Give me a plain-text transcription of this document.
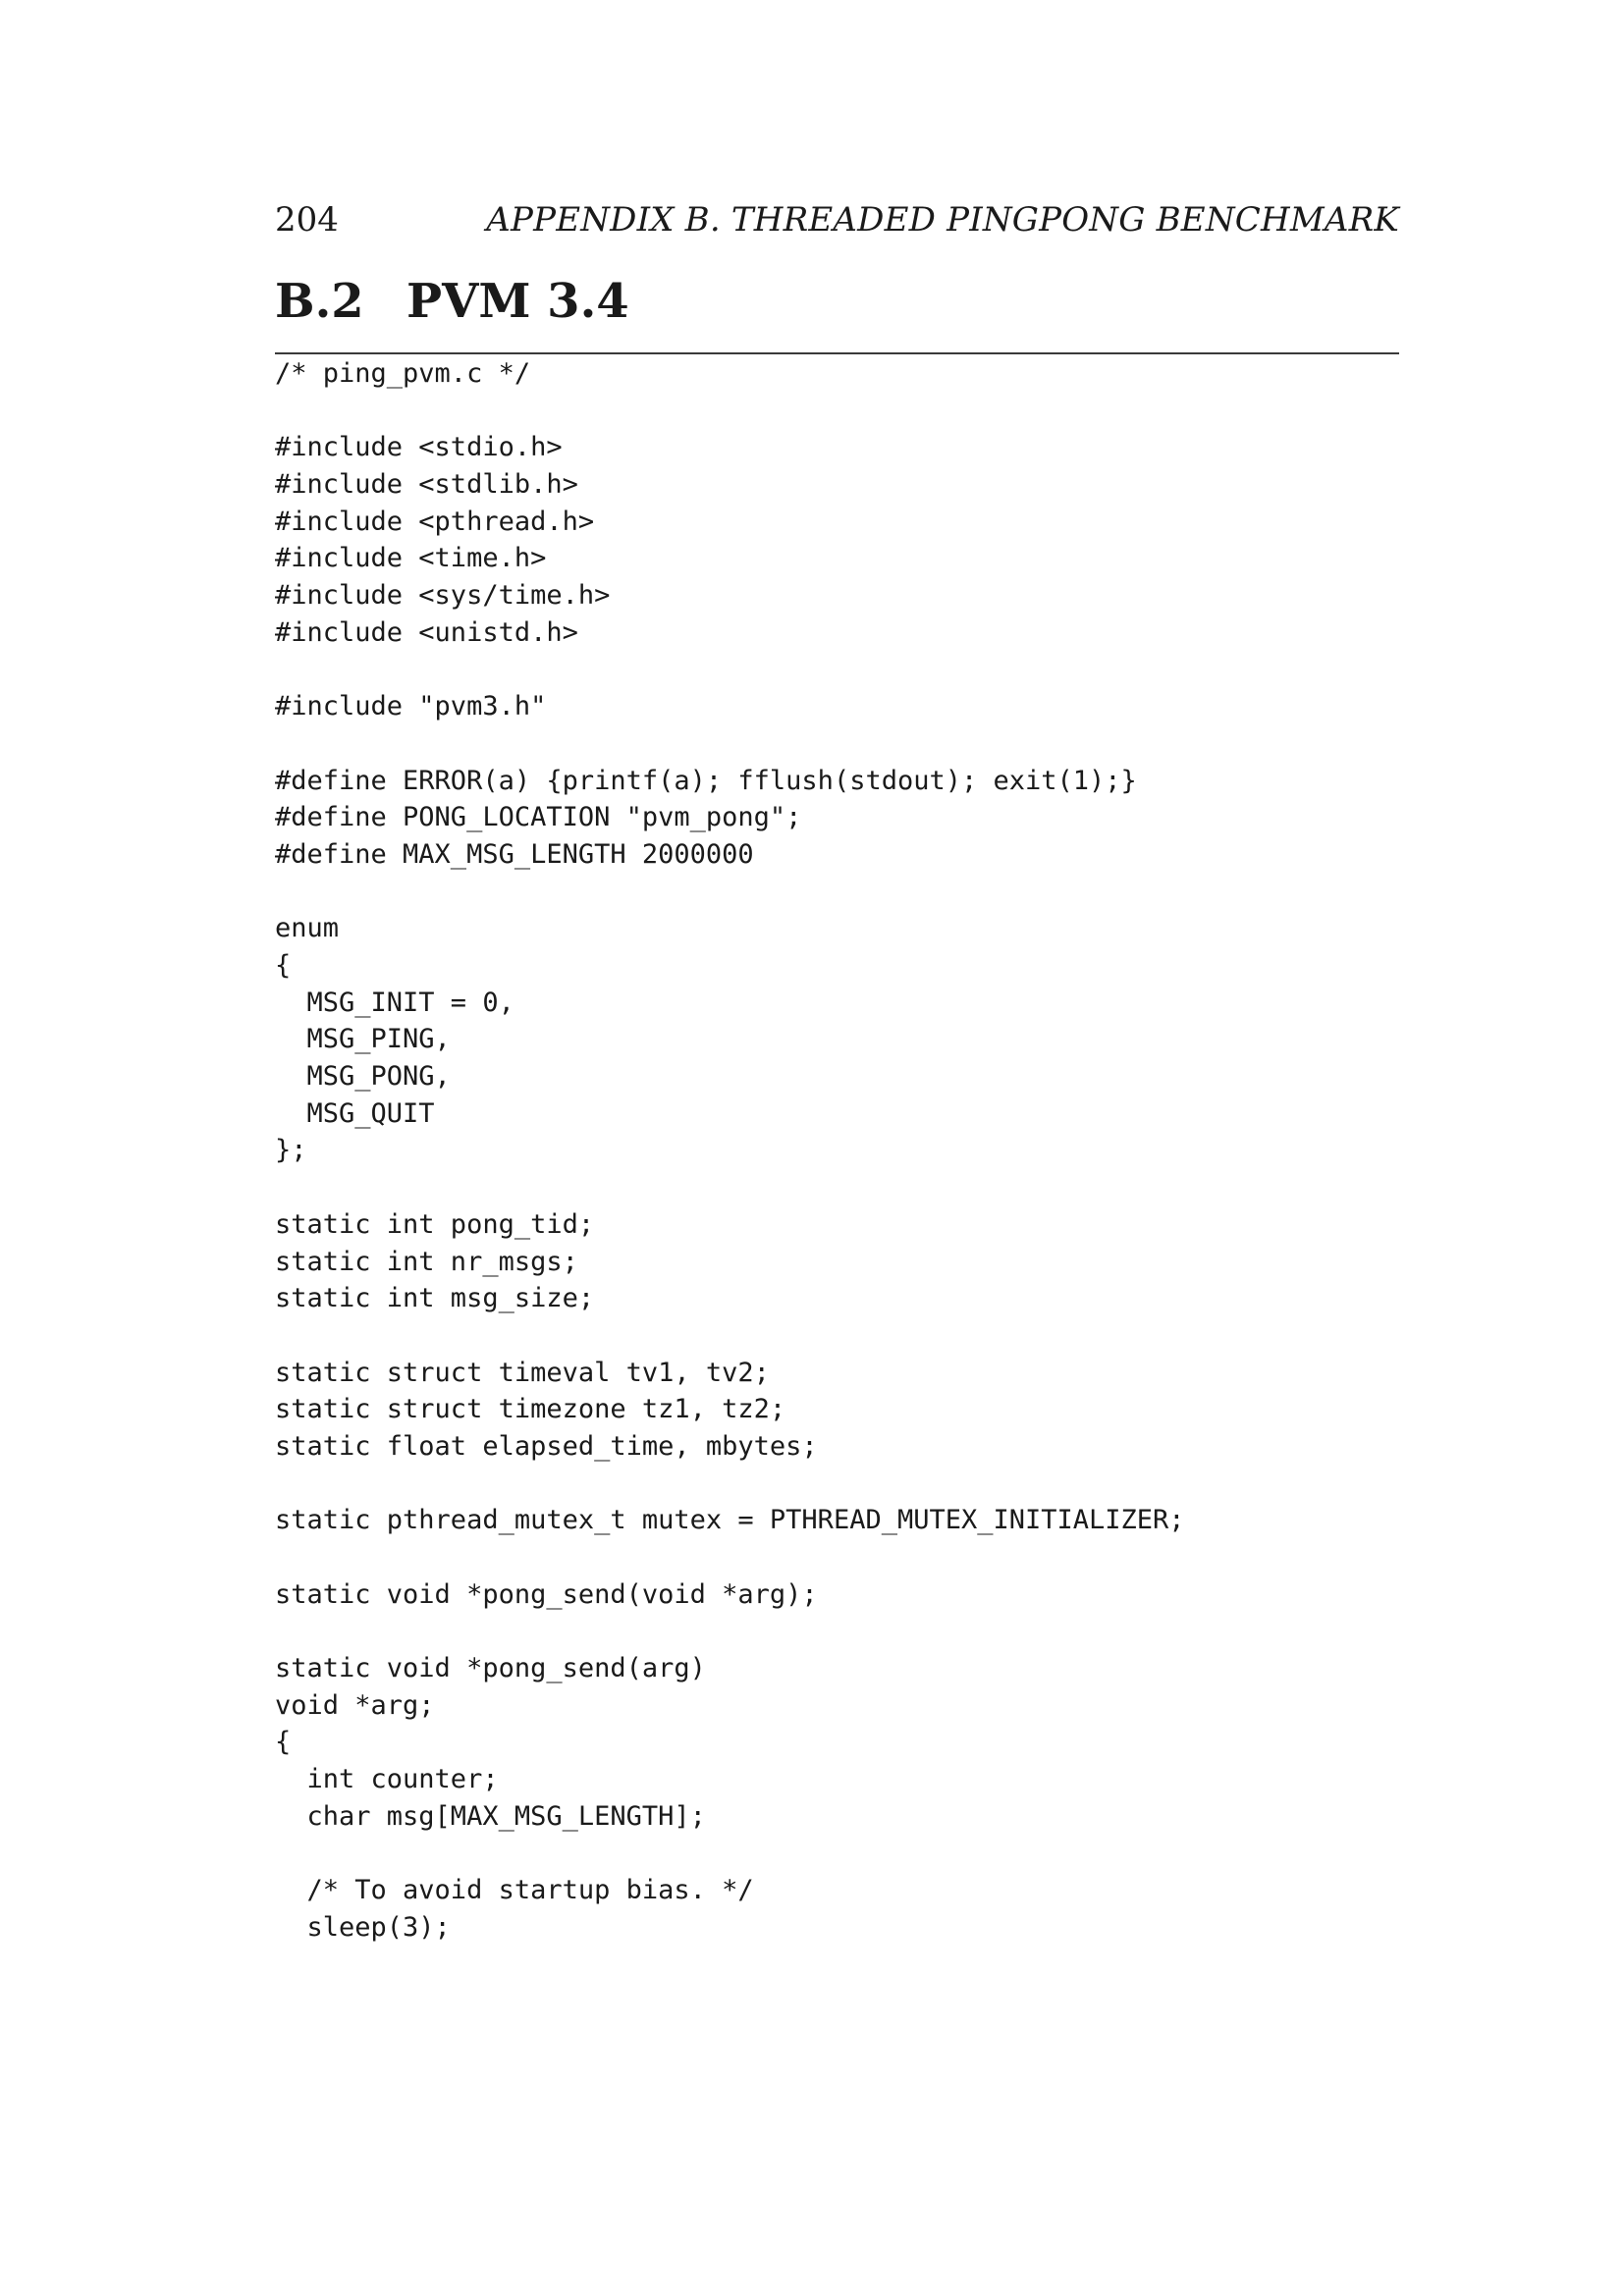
204	APPENDIX B. THREADED PINGPONG BENCHMARK
B.2 PVM 3.4
/* ping_pvm.c */
#include <stdio.h>
#include <stdlib.h>
#include <pthread.h>
#include <time.h>
#include <sys/time.h>
#include <unistd.h>
#include "pvm3.h"
#define ERROR(a) {printf(a); fflush(stdout); exit(1);}
#define PONG_LOCATION "pvm_pong";
#define MAX_MSG_LENGTH 2000000
enum
{
MSG_INIT = 0,
MSG_PING,
MSG_PONG,
MSG_QUIT
};
static int pong_tid;
static int nr_msgs;
static int msg_size;
static struct timeval tv1, tv2;
static struct timezone tz1, tz2;
static float elapsed_time, mbytes;
static pthread_mutex_t mutex = PTHREAD_MUTEX_INITIALIZER;
static void *pong_send(void *arg);
static void *pong_send(arg)
void *arg;
{
int counter;
char msg[MAX_MSG_LENGTH];
/* To avoid startup bias. */
sleep(3);
